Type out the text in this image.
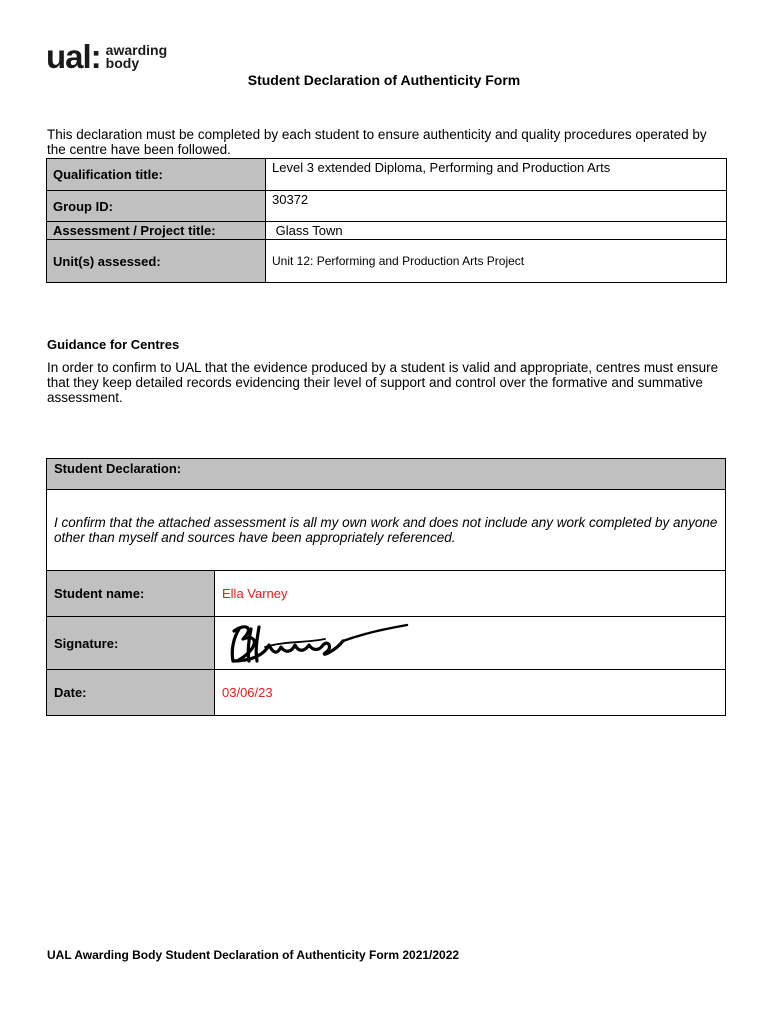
ual: awarding
body
Student Declaration of Authenticity Form
This declaration must be completed by each student to ensure authenticity and quality procedures operated by the centre have been followed.
Qualification title:	Level 3 extended Diploma, Performing and Production Arts
Group ID:	30372
Assessment / Project title:	Glass Town
Unit(s) assessed:	Unit 12: Performing and Production Arts Project
Guidance for Centres
In order to confirm to UAL that the evidence produced by a student is valid and appropriate, centres must ensure that they keep detailed records evidencing their level of support and control over the formative and summative assessment.
Student Declaration:	
I confirm that the attached assessment is all my own work and does not include any work completed by anyone other than myself and sources have been appropriately referenced.	
Student name:	Ella Varney
Signature:	

Date:	03/06/23
UAL Awarding Body Student Declaration of Authenticity Form 2021/2022
